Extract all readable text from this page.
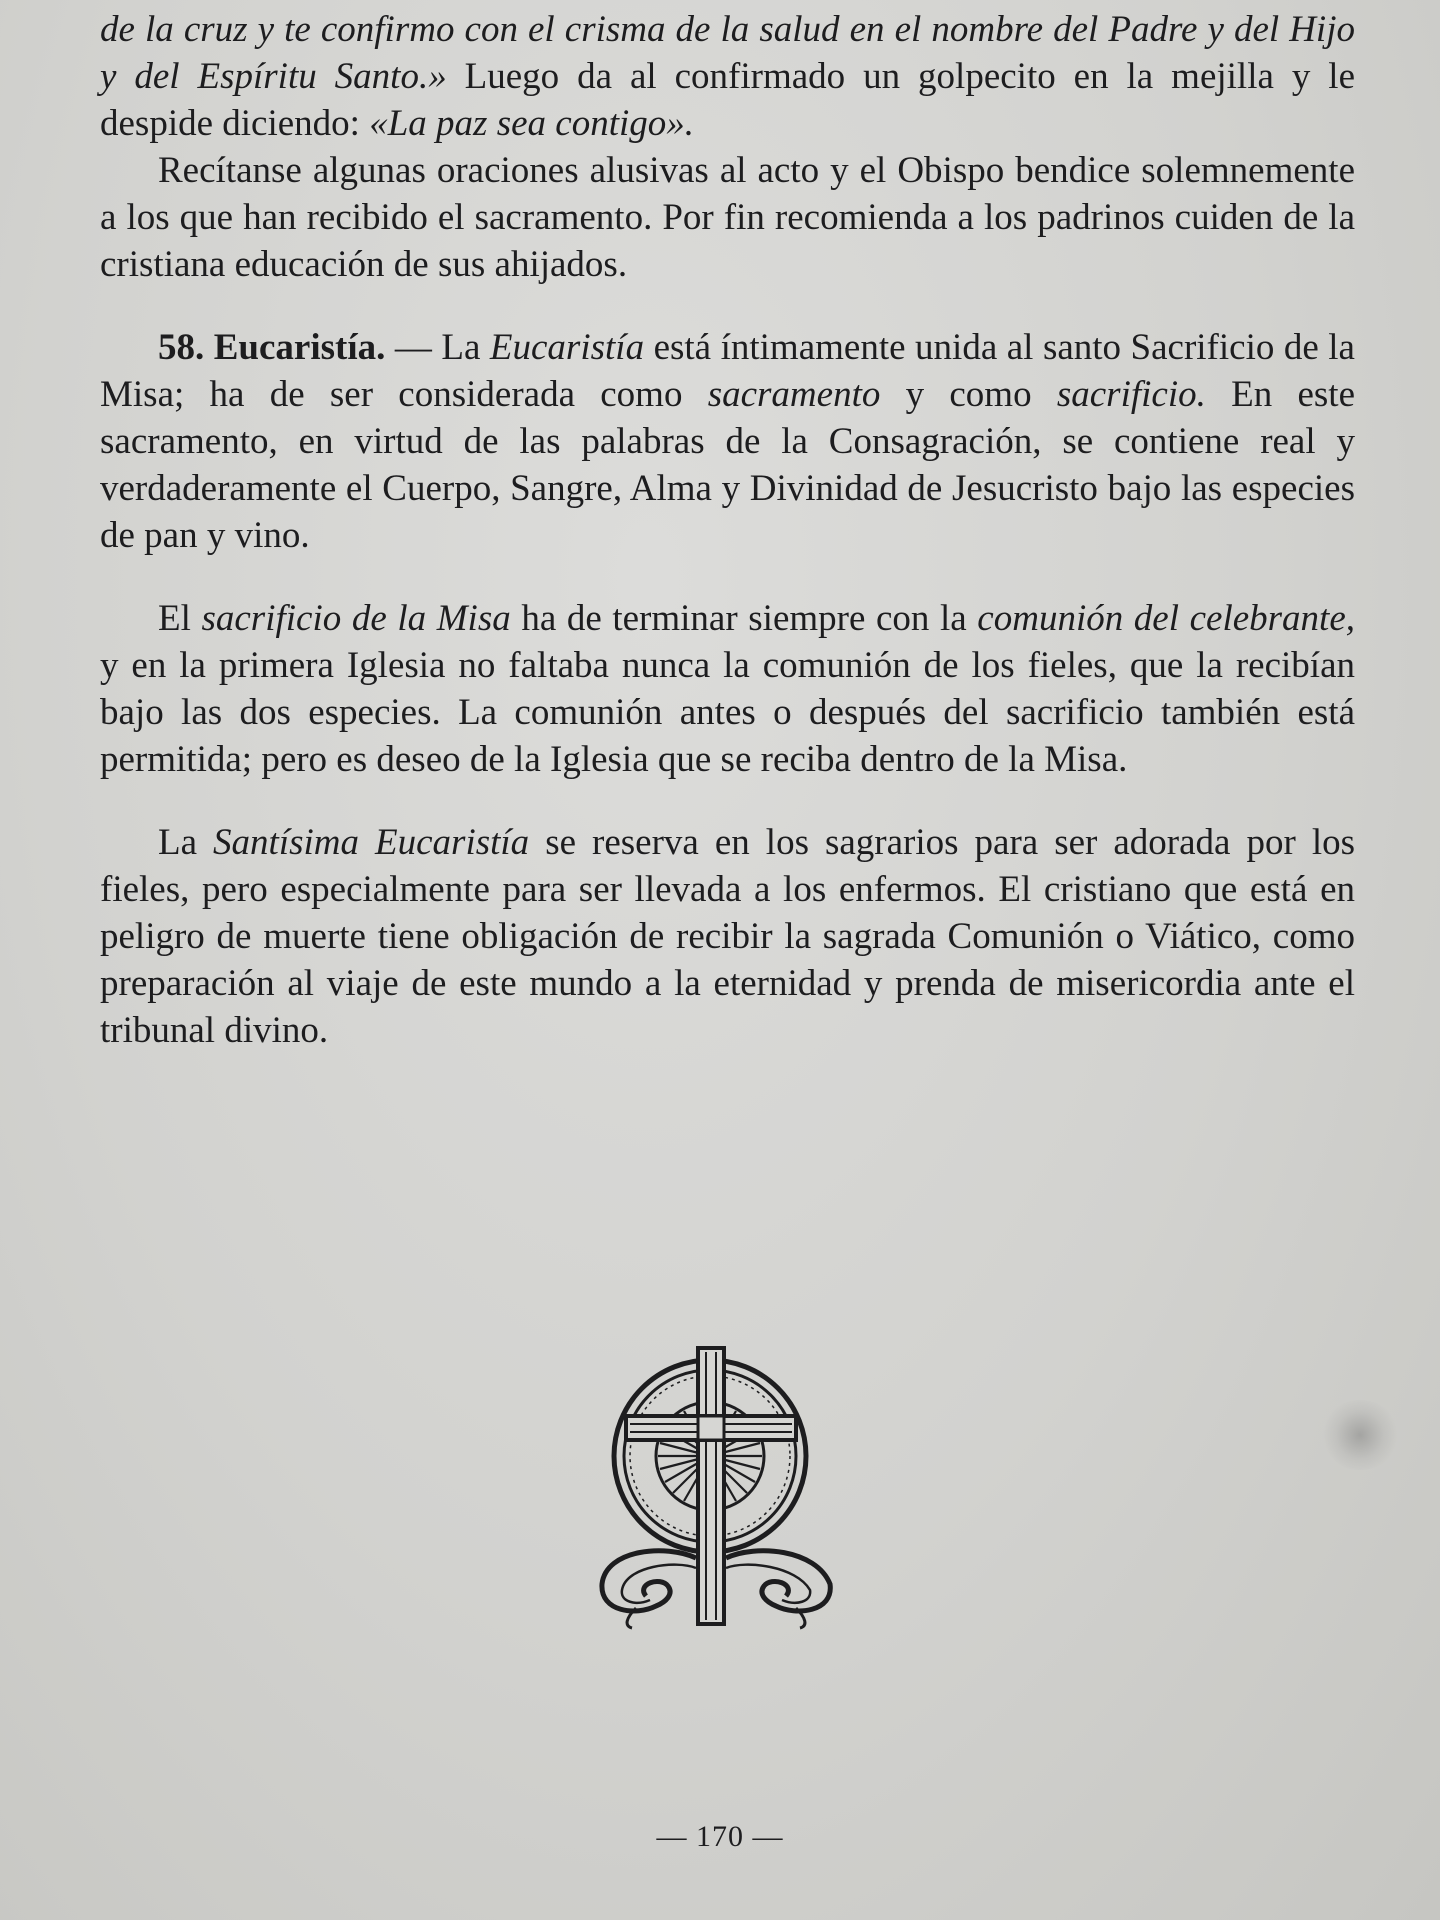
de la cruz y te confirmo con el crisma de la salud en el nombre del Padre y del Hijo y del Espíritu Santo.» Luego da al confirmado un golpecito en la mejilla y le despide diciendo: «La paz sea contigo».

Recítanse algunas oraciones alusivas al acto y el Obispo bendice solemnemente a los que han recibido el sacramento. Por fin recomienda a los padrinos cuiden de la cristiana educación de sus ahijados.

58. Eucaristía. — La Eucaristía está íntimamente unida al santo Sacrificio de la Misa; ha de ser considerada como sacramento y como sacrificio. En este sacramento, en virtud de las palabras de la Consagración, se contiene real y verdaderamente el Cuerpo, Sangre, Alma y Divinidad de Jesucristo bajo las especies de pan y vino.

El sacrificio de la Misa ha de terminar siempre con la comunión del celebrante, y en la primera Iglesia no faltaba nunca la comunión de los fieles, que la recibían bajo las dos especies. La comunión antes o después del sacrificio también está permitida; pero es deseo de la Iglesia que se reciba dentro de la Misa.

La Santísima Eucaristía se reserva en los sagrarios para ser adorada por los fieles, pero especialmente para ser llevada a los enfermos. El cristiano que está en peligro de muerte tiene obligación de recibir la sagrada Comunión o Viático, como preparación al viaje de este mundo a la eternidad y prenda de misericordia ante el tribunal divino.

— 170 —
